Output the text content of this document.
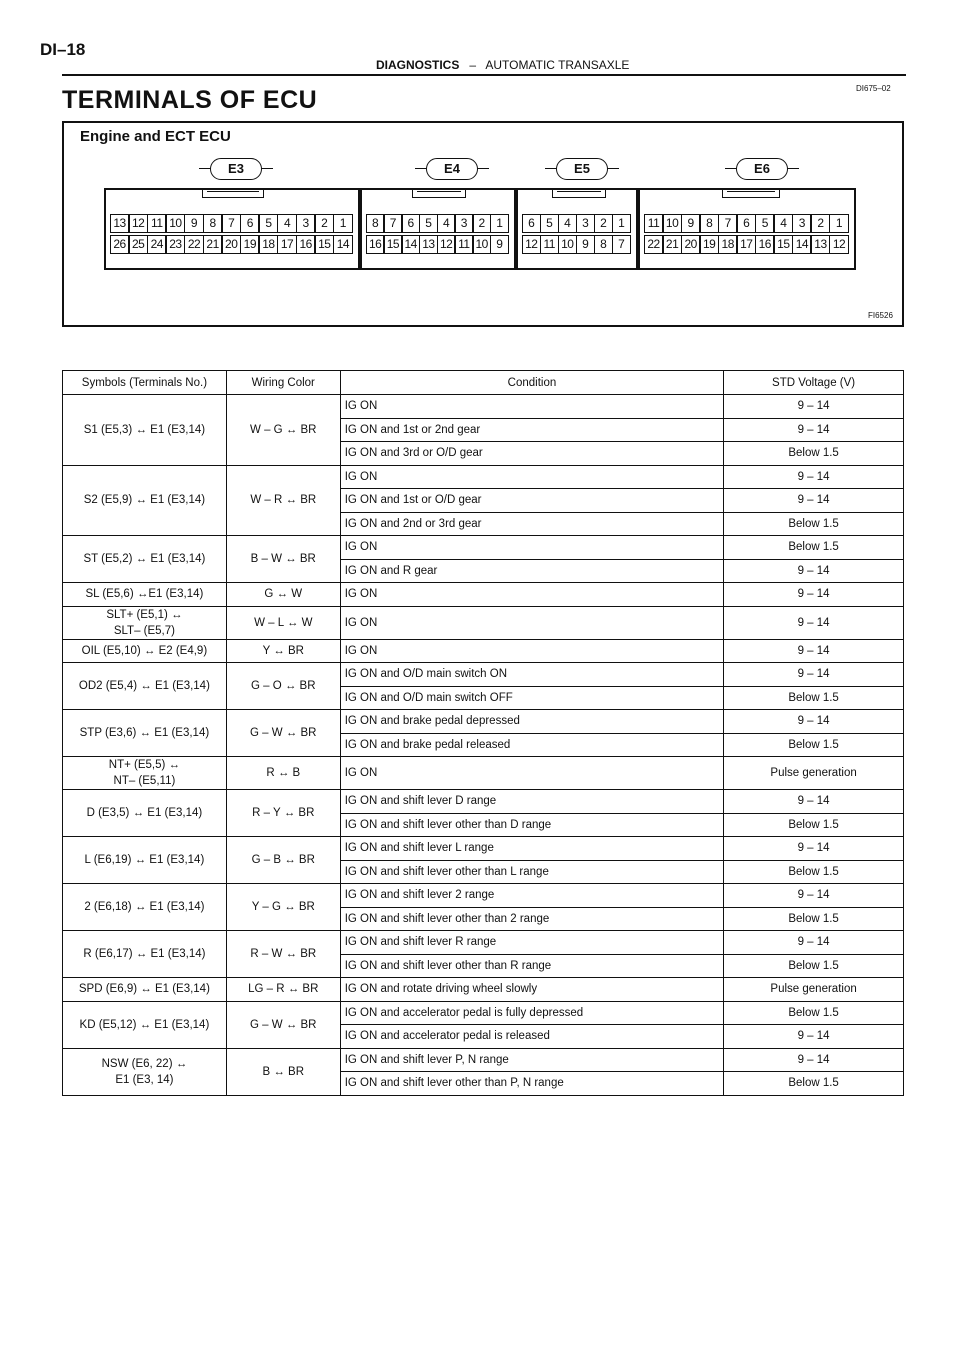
DI–18
DIAGNOSTICS – AUTOMATIC TRANSAXLE
TERMINALS OF ECU	DI675–02
Engine and ECT ECU
FI6526
E3	E4	E5	E6
13 12 11 10 9	8	7	6	5	4	3	2	1
26 25 24 23 22 21 20 19 18 17 16 15 14
8 7 6 5 4 3 2 1
16 15 14 13 12 11 10 9
6 5 4 3 2 1
12 11 10 9 8 7
11 10 9	8	7	6	5	4	3	2	1
22 21 20 19 18 17 16 15 14 13 12
Symbols (Terminals No.)	Wiring Color	Condition	STD Voltage (V)

S1 (E5,3) ↔ E1 (E3,14)	W – G ↔ BR	IG ON	9 – 14
		IG ON and 1st or 2nd gear	9 – 14
		IG ON and 3rd or O/D gear	Below 1.5

S2 (E5,9) ↔ E1 (E3,14)	W – R ↔ BR	IG ON	9 – 14
		IG ON and 1st or O/D gear	9 – 14
		IG ON and 2nd or 3rd gear	Below 1.5

ST (E5,2) ↔ E1 (E3,14)	B – W ↔ BR	IG ON	Below 1.5
		IG ON and R gear	9 – 14

SL (E5,6) ↔E1 (E3,14)	G ↔ W	IG ON	9 – 14

SLT+ (E5,1) ↔
SLT– (E5,7)	W – L ↔ W	IG ON	9 – 14

OIL (E5,10) ↔ E2 (E4,9)	Y ↔ BR	IG ON	9 – 14

OD2 (E5,4) ↔ E1 (E3,14)	G – O ↔ BR	IG ON and O/D main switch ON	9 – 14
		IG ON and O/D main switch OFF	Below 1.5

STP (E3,6) ↔ E1 (E3,14)	G – W ↔ BR	IG ON and brake pedal depressed	9 – 14
		IG ON and brake pedal released	Below 1.5

NT+ (E5,5) ↔
NT– (E5,11)	R ↔ B	IG ON	Pulse generation

D (E3,5) ↔ E1 (E3,14)	R – Y ↔ BR	IG ON and shift lever D range	9 – 14
		IG ON and shift lever other than D range	Below 1.5

L (E6,19) ↔ E1 (E3,14)	G – B ↔ BR	IG ON and shift lever L range	9 – 14
		IG ON and shift lever other than L range	Below 1.5

2 (E6,18) ↔ E1 (E3,14)	Y – G ↔ BR	IG ON and shift lever 2 range	9 – 14
		IG ON and shift lever other than 2 range	Below 1.5

R (E6,17) ↔ E1 (E3,14)	R – W ↔ BR	IG ON and shift lever R range	9 – 14
		IG ON and shift lever other than R range	Below 1.5

SPD (E6,9) ↔ E1 (E3,14)	LG – R ↔ BR	IG ON and rotate driving wheel slowly	Pulse generation

KD (E5,12) ↔ E1 (E3,14)	G – W ↔ BR	IG ON and accelerator pedal is fully depressed	Below 1.5
		IG ON and accelerator pedal is released	9 – 14

NSW (E6, 22) ↔
E1 (E3, 14)	B ↔ BR	IG ON and shift lever P, N range	9 – 14
		IG ON and shift lever other than P, N range	Below 1.5
